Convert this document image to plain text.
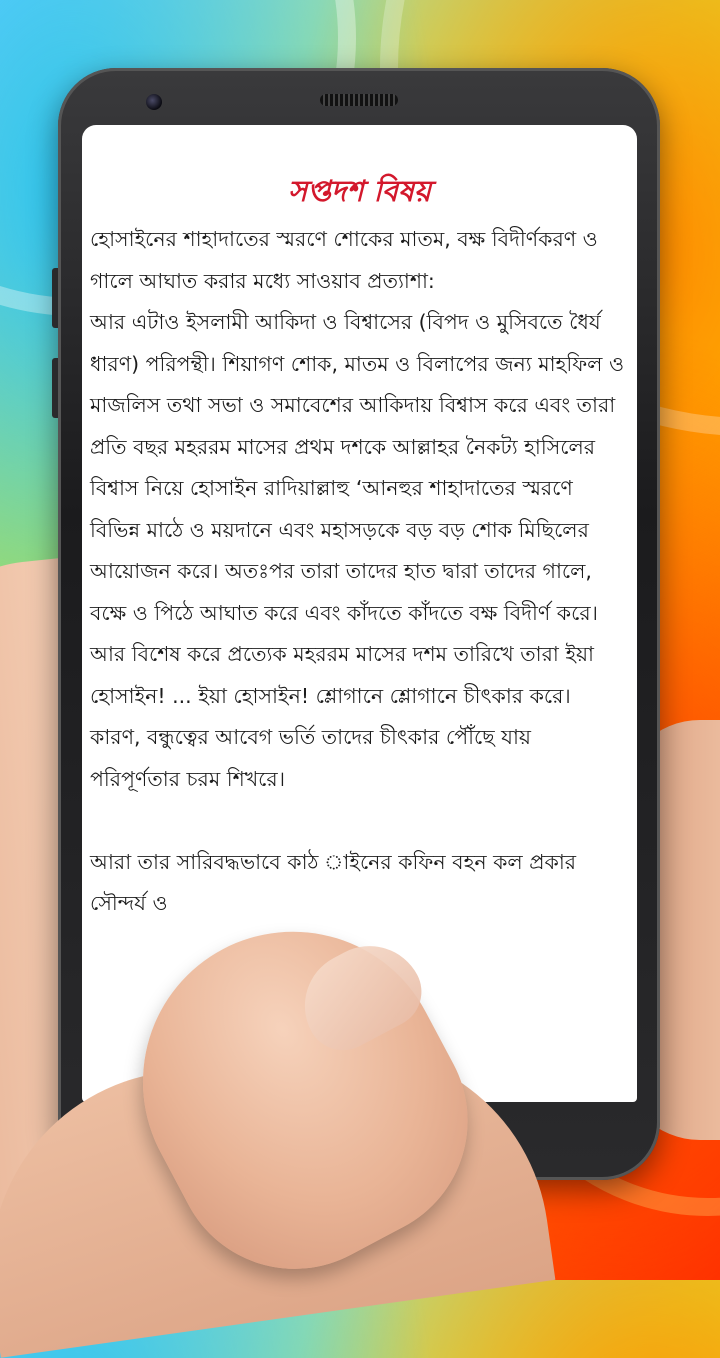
সপ্তদশ বিষয়

হোসাইনের শাহাদাতের স্মরণে শোকের মাতম, বক্ষ বিদীর্ণকরণ ও গালে আঘাত করার মধ্যে সাওয়াব প্রত্যাশা:

আর এটাও ইসলামী আকিদা ও বিশ্বাসের (বিপদ ও মুসিবতে ধৈর্য ধারণ) পরিপন্থী। শিয়াগণ শোক, মাতম ও বিলাপের জন্য মাহফিল ও মাজলিস তথা সভা ও সমাবেশের আকিদায় বিশ্বাস করে এবং তারা প্রতি বছর মহররম মাসের প্রথম দশকে আল্লাহর নৈকট্য হাসিলের বিশ্বাস নিয়ে হোসাইন রাদিয়াল্লাহু ‘আনহুর শাহাদাতের স্মরণে বিভিন্ন মাঠে ও ময়দানে এবং মহাসড়কে বড় বড় শোক মিছিলের আয়োজন করে। অতঃপর তারা তাদের হাত দ্বারা তাদের গালে, বক্ষে ও পিঠে আঘাত করে এবং কাঁদতে কাঁদতে বক্ষ বিদীর্ণ করে। আর বিশেষ করে প্রত্যেক মহররম মাসের দশম তারিখে তারা ইয়া হোসাইন! ... ইয়া হোসাইন! শ্লোগানে শ্লোগানে চীৎকার করে। কারণ, বন্ধুত্বের আবেগ ভর্তি তাদের চীৎকার পৌঁছে যায় পরিপূর্ণতার চরম শিখরে।

আরা তার সারিবদ্ধভাবে কাঠ াইনের কফিন বহন কল প্রকার সৌন্দর্য ও
